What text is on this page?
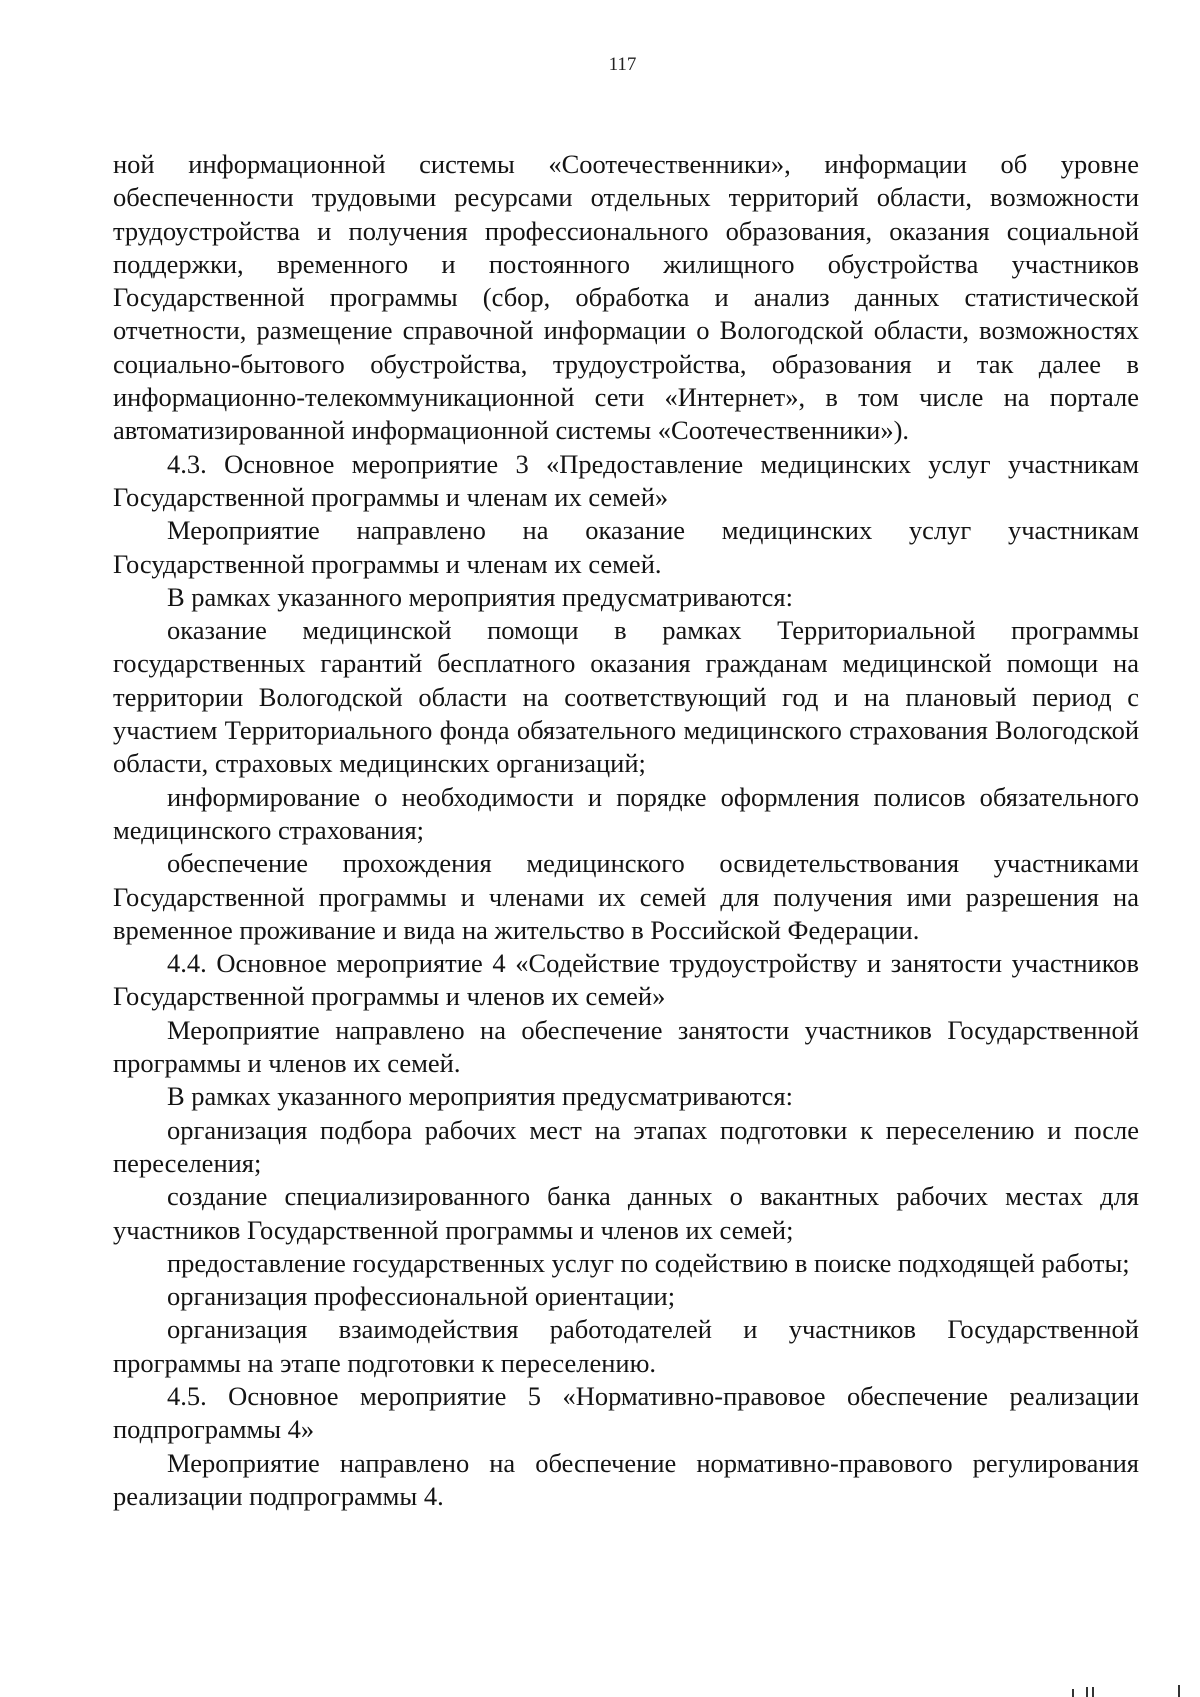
117

ной информационной системы «Соотечественники», информации об уровне обеспеченности трудовыми ресурсами отдельных территорий области, возможности трудоустройства и получения профессионального образования, оказания социальной поддержки, временного и постоянного жилищного обустройства участников Государственной программы (сбор, обработка и анализ данных статистической отчетности, размещение справочной информации о Вологодской области, возможностях социально-бытового обустройства, трудоустройства, образования и так далее в информационно-телекоммуникационной сети «Интернет», в том числе на портале автоматизированной информационной системы «Соотечественники»).

4.3. Основное мероприятие 3 «Предоставление медицинских услуг участникам Государственной программы и членам их семей»

Мероприятие направлено на оказание медицинских услуг участникам Государственной программы и членам их семей.

В рамках указанного мероприятия предусматриваются:

оказание медицинской помощи в рамках Территориальной программы государственных гарантий бесплатного оказания гражданам медицинской помощи на территории Вологодской области на соответствующий год и на плановый период с участием Территориального фонда обязательного медицинского страхования Вологодской области, страховых медицинских организаций;

информирование о необходимости и порядке оформления полисов обязательного медицинского страхования;

обеспечение прохождения медицинского освидетельствования участниками Государственной программы и членами их семей для получения ими разрешения на временное проживание и вида на жительство в Российской Федерации.

4.4. Основное мероприятие 4 «Содействие трудоустройству и занятости участников Государственной программы и членов их семей»

Мероприятие направлено на обеспечение занятости участников Государственной программы и членов их семей.

В рамках указанного мероприятия предусматриваются:

организация подбора рабочих мест на этапах подготовки к переселению и после переселения;

создание специализированного банка данных о вакантных рабочих местах для участников Государственной программы и членов их семей;

предоставление государственных услуг по содействию в поиске подходящей работы;

организация профессиональной ориентации;

организация взаимодействия работодателей и участников Государственной программы на этапе подготовки к переселению.

4.5. Основное мероприятие 5 «Нормативно-правовое обеспечение реализации подпрограммы 4»

Мероприятие направлено на обеспечение нормативно-правового регулирования реализации подпрограммы 4.
